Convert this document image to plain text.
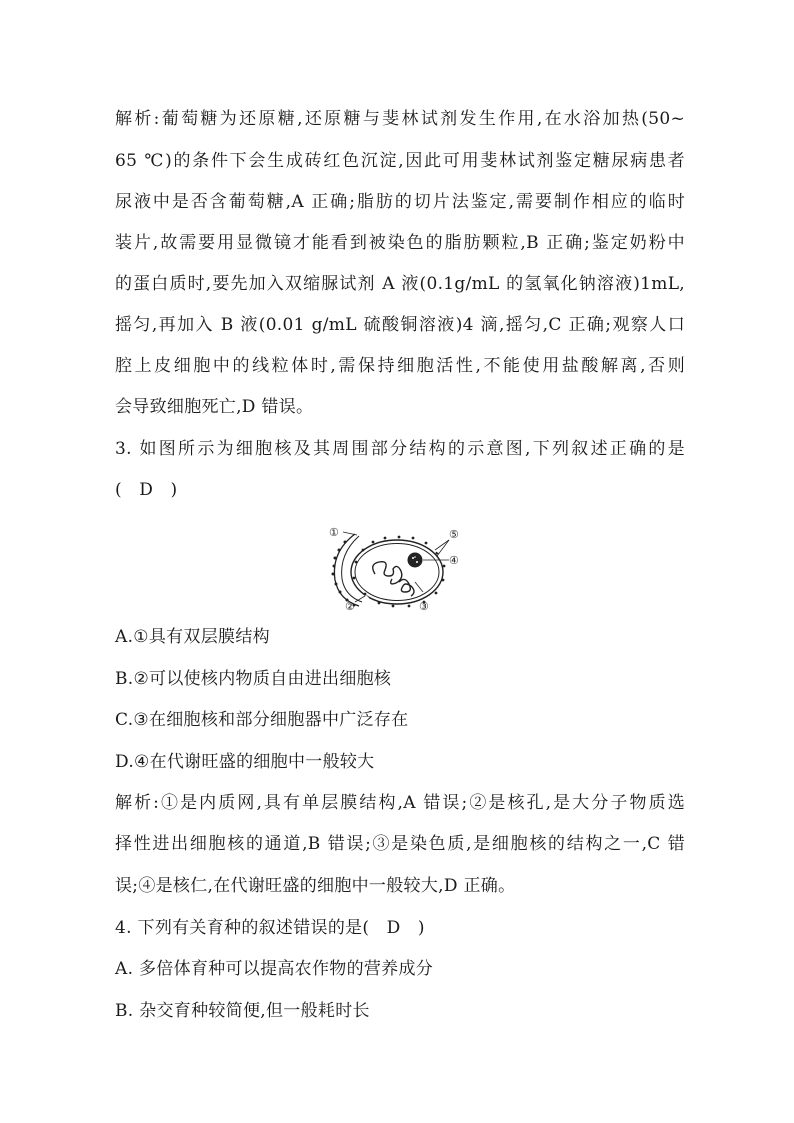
解析:葡萄糖为还原糖,还原糖与斐林试剂发生作用,在水浴加热(50~
65 ℃)的条件下会生成砖红色沉淀,因此可用斐林试剂鉴定糖尿病患者
尿液中是否含葡萄糖,A 正确;脂肪的切片法鉴定,需要制作相应的临时
装片,故需要用显微镜才能看到被染色的脂肪颗粒,B 正确;鉴定奶粉中
的蛋白质时,要先加入双缩脲试剂 A 液(0.1g/mL 的氢氧化钠溶液)1mL,
摇匀,再加入 B 液(0.01 g/mL 硫酸铜溶液)4 滴,摇匀,C 正确;观察人口
腔上皮细胞中的线粒体时,需保持细胞活性,不能使用盐酸解离,否则
会导致细胞死亡,D 错误。
3. 如图所示为细胞核及其周围部分结构的示意图,下列叙述正确的是
(　D　)
①
②	③
④
⑤
A.①具有双层膜结构
B.②可以使核内物质自由进出细胞核
C.③在细胞核和部分细胞器中广泛存在
D.④在代谢旺盛的细胞中一般较大
解析:①是内质网,具有单层膜结构,A 错误;②是核孔,是大分子物质选
择性进出细胞核的通道,B 错误;③是染色质,是细胞核的结构之一,C 错
误;④是核仁,在代谢旺盛的细胞中一般较大,D 正确。
4. 下列有关育种的叙述错误的是(　D　)
A. 多倍体育种可以提高农作物的营养成分
B. 杂交育种较简便,但一般耗时长
